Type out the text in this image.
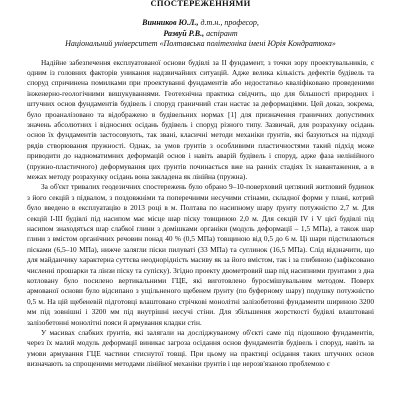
СПОСТЕРЕЖЕННЯМИ
Винников Ю.Л., д.т.н., професор,
Развуй Р.В., аспірант
Національний університет «Полтавська політехніка імені Юрія Кондратюка»

Надійне забезпечення експлуатованої основи будівлі за ІІ фундамент, з точки зору проектувальників, є одним із головних факторів уникання надзвичайних ситуацій. Адже велика кількість дефектів будівель та споруд спричинена помилками при проектуванні фундаментів або недостатньо кваліфіковано проведеними інженерно-геологічними вишукуваннями. Геотехнічна практика свідчить, що для більшості природних і штучних основ фундаментів будівель і споруд граничний стан настає за деформаціями. Цей доказ, зокрема, було проаналізовано та відображено в будівельних нормах [1] для призначення граничних допустимих значень абсолютних і відносних осідань будівель і споруд різного типу. Зазвичай, для розрахунку осідань основ їх фундаментів застосовують, так звані, класичні методи механіки ґрунтів, які базуються на підході рядів створювання пружності. Однак, за умов ґрунтів з особливими пластичностями такий підхід може приводити до надноматимних деформацій основ і навіть аварій будівель і споруд, адже фаза нелінійного (пружно-пластичного) деформування цих ґрунтів починається вже на ранніх стадіях їх навантаження, а в межах методу розрахунку осідань вона закладена як лінійна (пружна).

За об'єкт тривалих геодезичних спостережень було обрано 9–10-поверховий цегляний житловий будинок з його секцій з підвалом, з поздовжніми та поперечними несучими стінами, складної форми у плані, котрий було введено в експлуатацію в 2013 році в м. Полтава по насипному шару ґрунту потужністю 2,7 м. Для секцій І-ІІІ будівлі під насипом має місце шар піску товщиною 2,0 м. Для секцій IV і V цієї будівлі під насипом знаходяться шар слабкої глини з домішками органіки (модуль деформації – 1,5 МПа), а також шар глини з вмістом органічних речовин понад 40 % (0,5 МПа) товщиною від 0,5 до 6 м. Ці шари підстилаються пісками (6,5–10 МПа), нижче залягли піски пилуваті (33 МПа) та суглинок (16,5 МПа). Слід відзначити, що для майданчику характерна суттєва неоднорідність масиву як за його вмістом, так і за глибиною (зафіксовано численні прошарки та лінзи піску та супіску). Згідно проекту двометровий шар під насипними ґрунтами з дна котловану було посилено вертикальними ГЦЕ, які виготовлено буросмішувальним методом. Поверх армованої основи було відсипано з ущільненого щебенем ґрунту (по буферному шару) подушку потужністю 0,5 м. На цій щебеневій підготовці влаштовано стрічкові монолітні залізобетонні фундаменти шириною 3200 мм під зовнішні і 3200 мм під внутрішні несучі стіни. Для збільшення жорсткості будівлі влаштовані залізобетонні монолітні пояси й армування кладки стін.

У масивах слабких ґрунтів, які залягали на досліджуваному об'єкті саме під підошвою фундаментів, через їх малий модуль деформації виникає загроза осідання основ фундаментів будівель і споруд, навіть за умови армування ГЦЕ частини стиснутої товщі. При цьому на практиці осідання таких штучних основ визначають за спрощеними методами лінійної механіки ґрунтів і ще нерозв'язаною проблемою є
